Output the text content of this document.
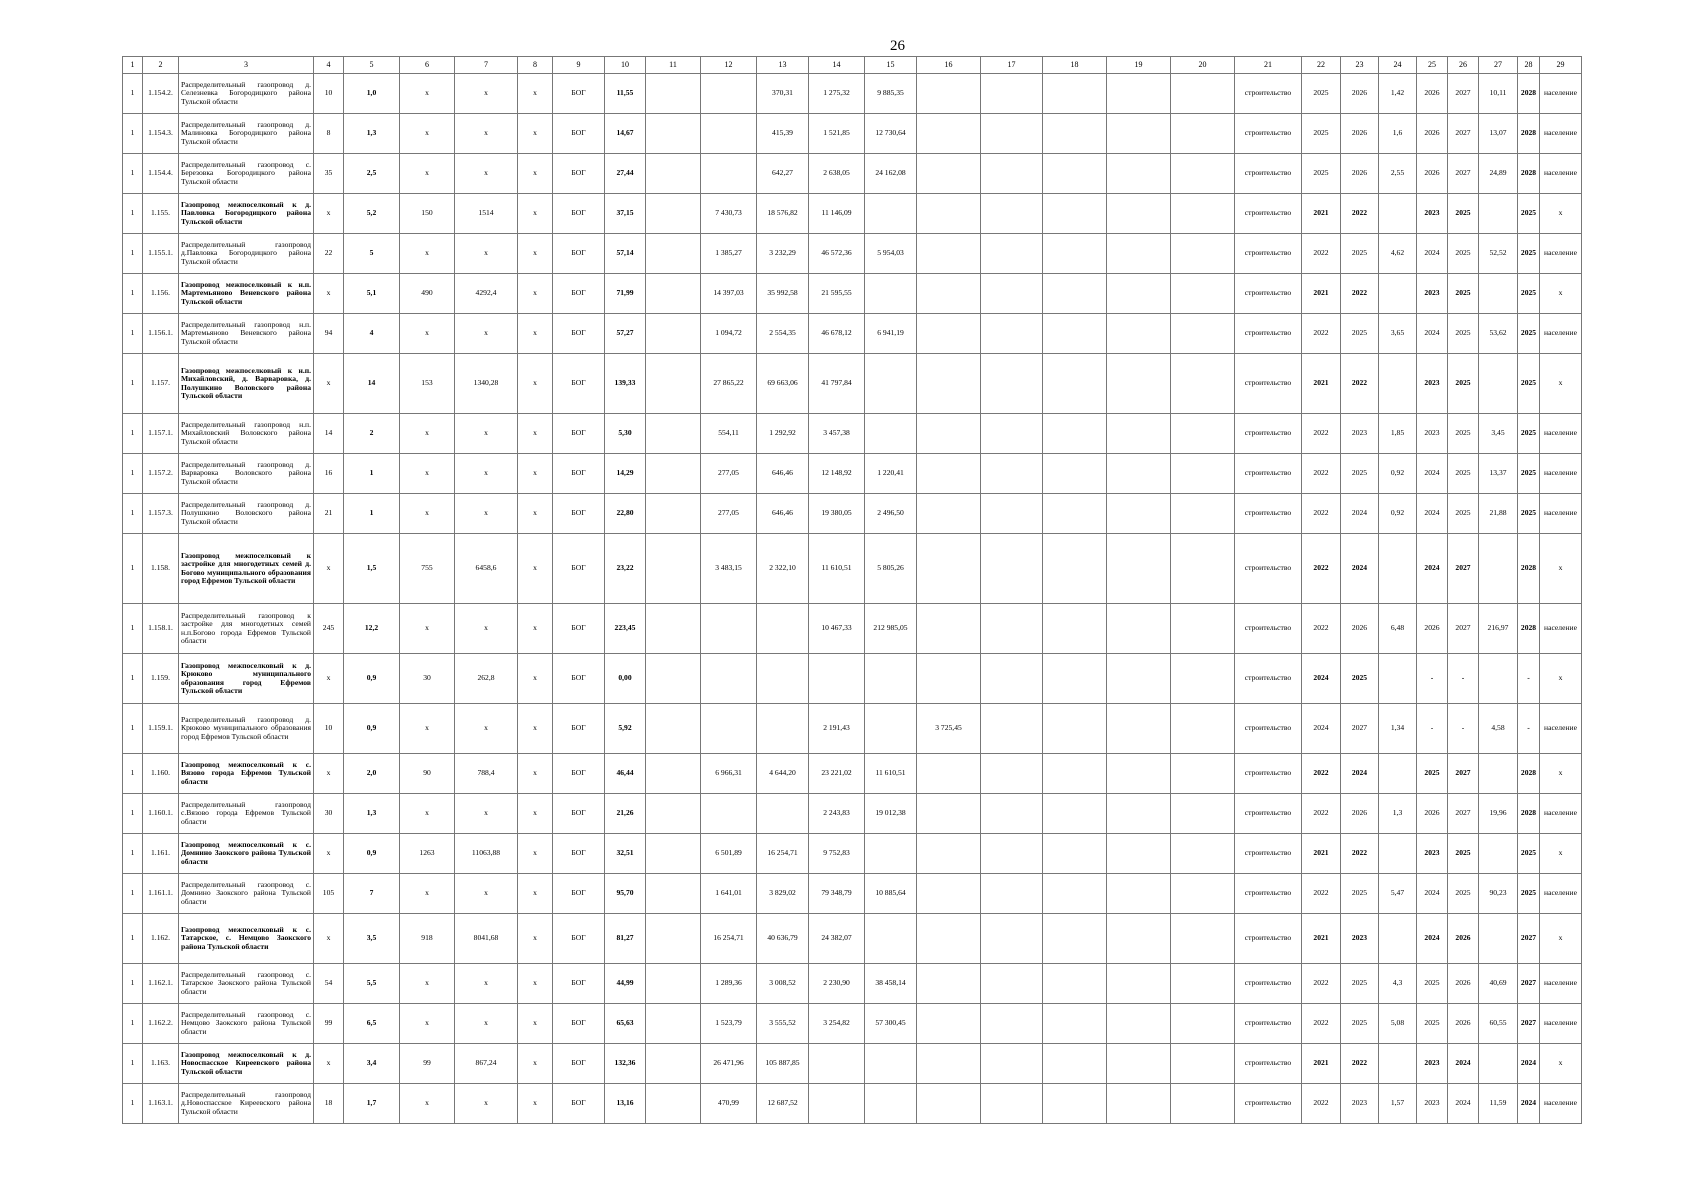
26
1	2	3	4	5	6	7	8	9	10	11	12	13	14	15	16	17	18	19	20	21	22	23	24	25	26	27	28	29
1	1.154.2.	Распределительный газопровод д. Селезневка Богородицкого района Тульской области	10	1,0	х	х	х	БОГ	11,55			370,31	1 275,32	9 885,35						строительство	2025	2026	1,42	2026	2027	10,11	2028	население
1	1.154.3.	Распределительный газопровод д. Малиновка Богородицкого района Тульской области	8	1,3	х	х	х	БОГ	14,67			415,39	1 521,85	12 730,64						строительство	2025	2026	1,6	2026	2027	13,07	2028	население
1	1.154.4.	Распределительный газопровод с. Березовка Богородицкого района Тульской области	35	2,5	х	х	х	БОГ	27,44			642,27	2 638,05	24 162,08						строительство	2025	2026	2,55	2026	2027	24,89	2028	население
1	1.155.	Газопровод межпоселковый к д. Павловка Богородицкого района Тульской области	х	5,2	150	1514	х	БОГ	37,15		7 430,73	18 576,82	11 146,09							строительство	2021	2022		2023	2025		2025	х
1	1.155.1.	Распределительный газопровод д.Павловка Богородицкого района Тульской области	22	5	х	х	х	БОГ	57,14		1 385,27	3 232,29	46 572,36	5 954,03						строительство	2022	2025	4,62	2024	2025	52,52	2025	население
1	1.156.	Газопровод межпоселковый к н.п. Мартемьяново Веневского района Тульской области	х	5,1	490	4292,4	х	БОГ	71,99		14 397,03	35 992,58	21 595,55							строительство	2021	2022		2023	2025		2025	х
1	1.156.1.	Распределительный газопровод н.п. Мартемьяново Веневского района Тульской области	94	4	х	х	х	БОГ	57,27		1 094,72	2 554,35	46 678,12	6 941,19						строительство	2022	2025	3,65	2024	2025	53,62	2025	население
1	1.157.	Газопровод межпоселковый к н.п. Михайловский, д. Варваровка, д. Полушкино Воловского района Тульской области	х	14	153	1340,28	х	БОГ	139,33		27 865,22	69 663,06	41 797,84							строительство	2021	2022		2023	2025		2025	х
1	1.157.1.	Распределительный газопровод н.п. Михайловский Воловского района Тульской области	14	2	х	х	х	БОГ	5,30		554,11	1 292,92	3 457,38							строительство	2022	2023	1,85	2023	2025	3,45	2025	население
1	1.157.2.	Распределительный газопровод д. Варваровка Воловского района Тульской области	16	1	х	х	х	БОГ	14,29		277,05	646,46	12 148,92	1 220,41						строительство	2022	2025	0,92	2024	2025	13,37	2025	население
1	1.157.3.	Распределительный газопровод д. Полушкино Воловского района Тульской области	21	1	х	х	х	БОГ	22,80		277,05	646,46	19 380,05	2 496,50						строительство	2022	2024	0,92	2024	2025	21,88	2025	население
1	1.158.	Газопровод межпоселковый к застройке для многодетных семей д. Богово муниципального образования город Ефремов Тульской области	х	1,5	755	6458,6	х	БОГ	23,22		3 483,15	2 322,10	11 610,51	5 805,26						строительство	2022	2024		2024	2027		2028	х
1	1.158.1.	Распределительный газопровод к застройке для многодетных семей н.п.Богово города Ефремов Тульской области	245	12,2	х	х	х	БОГ	223,45				10 467,33	212 985,05						строительство	2022	2026	6,48	2026	2027	216,97	2028	население
1	1.159.	Газопровод межпоселковый к д. Крюково муниципального образования город Ефремов Тульской области	х	0,9	30	262,8	х	БОГ	0,00											строительство	2024	2025		-	-		-	х
1	1.159.1.	Распределительный газопровод д. Крюково муниципального образования город Ефремов Тульской области	10	0,9	х	х	х	БОГ	5,92				2 191,43		3 725,45					строительство	2024	2027	1,34	-	-	4,58	-	население
1	1.160.	Газопровод межпоселковый к с. Вязово города Ефремов Тульской области	х	2,0	90	788,4	х	БОГ	46,44		6 966,31	4 644,20	23 221,02	11 610,51						строительство	2022	2024		2025	2027		2028	х
1	1.160.1.	Распределительный газопровод с.Вязово города Ефремов Тульской области	30	1,3	х	х	х	БОГ	21,26				2 243,83	19 012,38						строительство	2022	2026	1,3	2026	2027	19,96	2028	население
1	1.161.	Газопровод межпоселковый к с. Домнино Заокского района Тульской области	х	0,9	1263	11063,88	х	БОГ	32,51		6 501,89	16 254,71	9 752,83							строительство	2021	2022		2023	2025		2025	х
1	1.161.1.	Распределительный газопровод с. Домнино Заокского района Тульской области	105	7	х	х	х	БОГ	95,70		1 641,01	3 829,02	79 348,79	10 885,64						строительство	2022	2025	5,47	2024	2025	90,23	2025	население
1	1.162.	Газопровод межпоселковый к с. Татарское, с. Немцово Заокского района Тульской области	х	3,5	918	8041,68	х	БОГ	81,27		16 254,71	40 636,79	24 382,07							строительство	2021	2023		2024	2026		2027	х
1	1.162.1.	Распределительный газопровод с. Татарское Заокского района Тульской области	54	5,5	х	х	х	БОГ	44,99		1 289,36	3 008,52	2 230,90	38 458,14						строительство	2022	2025	4,3	2025	2026	40,69	2027	население
1	1.162.2.	Распределительный газопровод с. Немцово Заокского района Тульской области	99	6,5	х	х	х	БОГ	65,63		1 523,79	3 555,52	3 254,82	57 300,45						строительство	2022	2025	5,08	2025	2026	60,55	2027	население
1	1.163.	Газопровод межпоселковый к д. Новоспасское Киреевского района Тульской области	х	3,4	99	867,24	х	БОГ	132,36		26 471,96	105 887,85								строительство	2021	2022		2023	2024		2024	х
1	1.163.1.	Распределительный газопровод д.Новоспасское Киреевского района Тульской области	18	1,7	х	х	х	БОГ	13,16		470,99	12 687,52								строительство	2022	2023	1,57	2023	2024	11,59	2024	население
